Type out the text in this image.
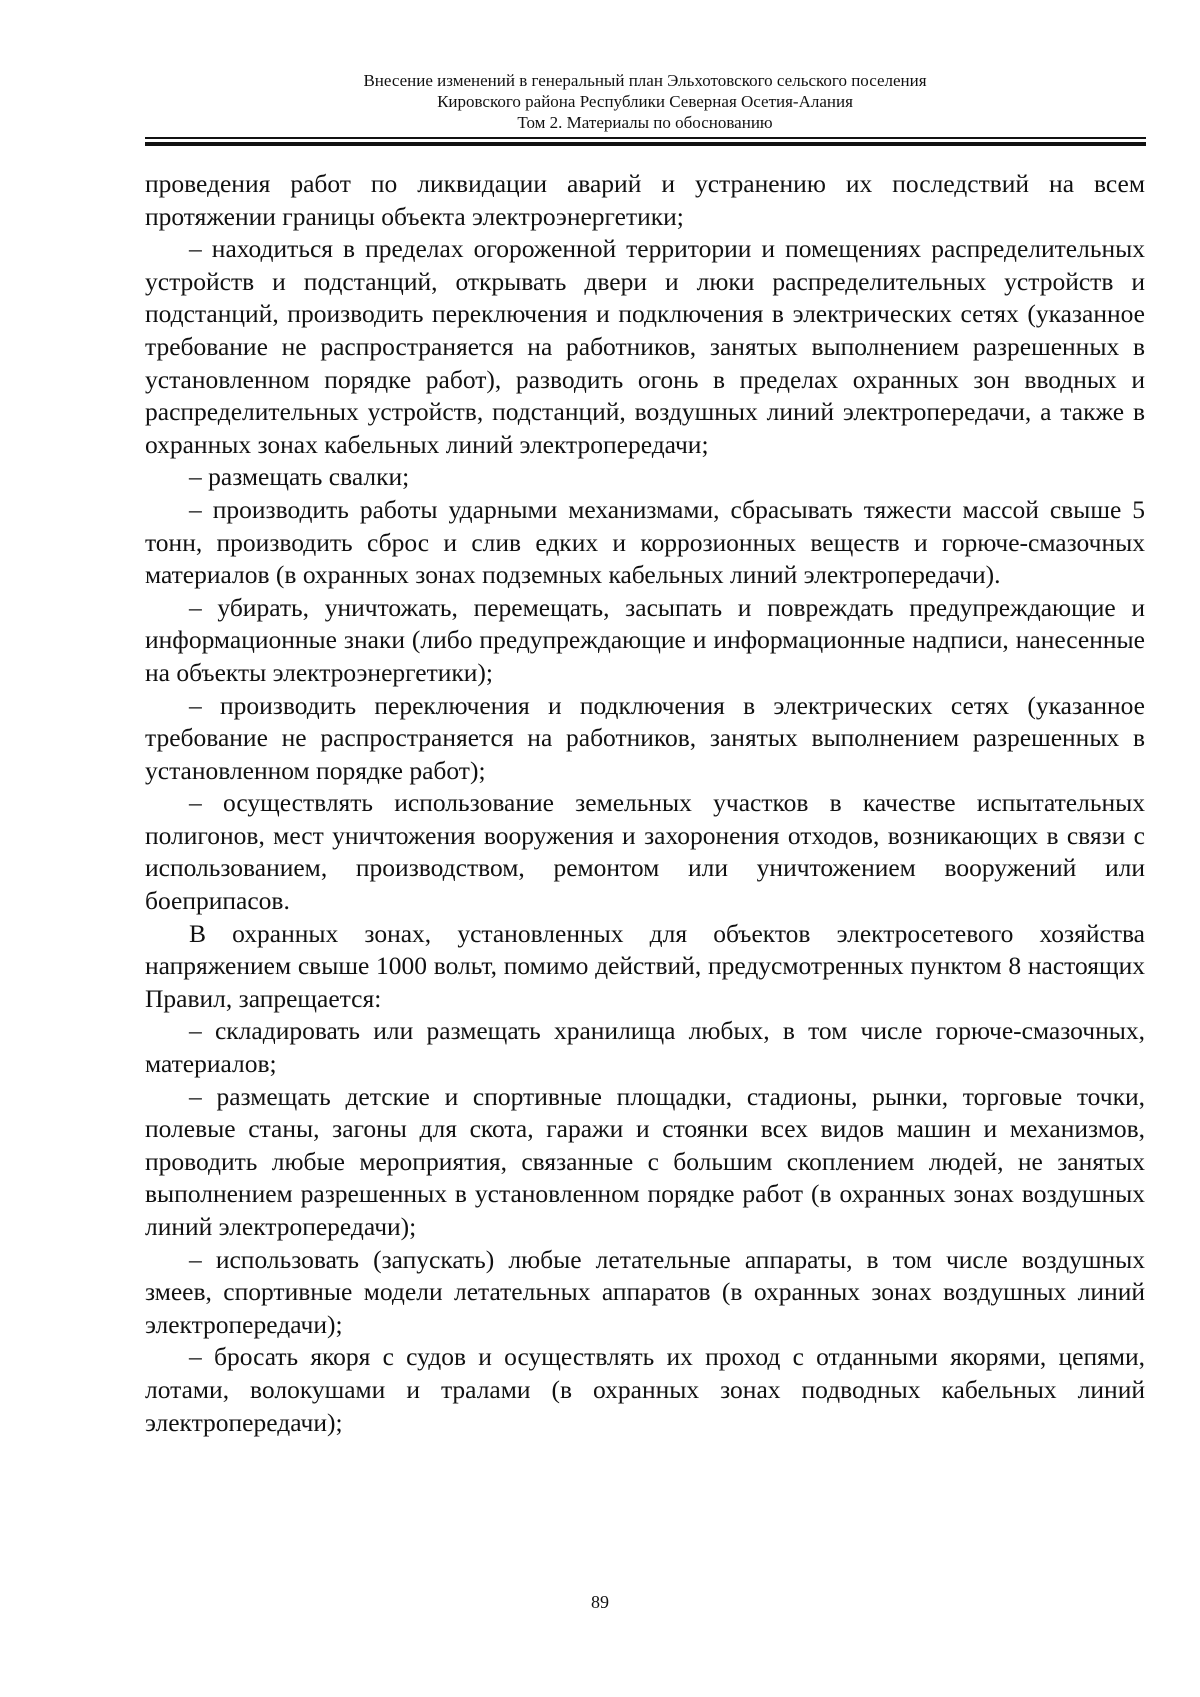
Внесение изменений в генеральный план Эльхотовского сельского поселения
Кировского района Республики Северная Осетия-Алания
Том 2. Материалы по обоснованию

проведения работ по ликвидации аварий и устранению их последствий на всем протяжении границы объекта электроэнергетики;

– находиться в пределах огороженной территории и помещениях распределительных устройств и подстанций, открывать двери и люки распределительных устройств и подстанций, производить переключения и подключения в электрических сетях (указанное требование не распространяется на работников, занятых выполнением разрешенных в установленном порядке работ), разводить огонь в пределах охранных зон вводных и распределительных устройств, подстанций, воздушных линий электропередачи, а также в охранных зонах кабельных линий электропередачи;

– размещать свалки;

– производить работы ударными механизмами, сбрасывать тяжести массой свыше 5 тонн, производить сброс и слив едких и коррозионных веществ и горюче-смазочных материалов (в охранных зонах подземных кабельных линий электропередачи).

– убирать, уничтожать, перемещать, засыпать и повреждать предупреждающие и информационные знаки (либо предупреждающие и информационные надписи, нанесенные на объекты электроэнергетики);

– производить переключения и подключения в электрических сетях (указанное требование не распространяется на работников, занятых выполнением разрешенных в установленном порядке работ);

– осуществлять использование земельных участков в качестве испытательных полигонов, мест уничтожения вооружения и захоронения отходов, возникающих в связи с использованием, производством, ремонтом или уничтожением вооружений или боеприпасов.

В охранных зонах, установленных для объектов электросетевого хозяйства напряжением свыше 1000 вольт, помимо действий, предусмотренных пунктом 8 настоящих Правил, запрещается:

– складировать или размещать хранилища любых, в том числе горюче-смазочных, материалов;

– размещать детские и спортивные площадки, стадионы, рынки, торговые точки, полевые станы, загоны для скота, гаражи и стоянки всех видов машин и механизмов, проводить любые мероприятия, связанные с большим скоплением людей, не занятых выполнением разрешенных в установленном порядке работ (в охранных зонах воздушных линий электропередачи);

– использовать (запускать) любые летательные аппараты, в том числе воздушных змеев, спортивные модели летательных аппаратов (в охранных зонах воздушных линий электропередачи);

– бросать якоря с судов и осуществлять их проход с отданными якорями, цепями, лотами, волокушами и тралами (в охранных зонах подводных кабельных линий электропередачи);

89
